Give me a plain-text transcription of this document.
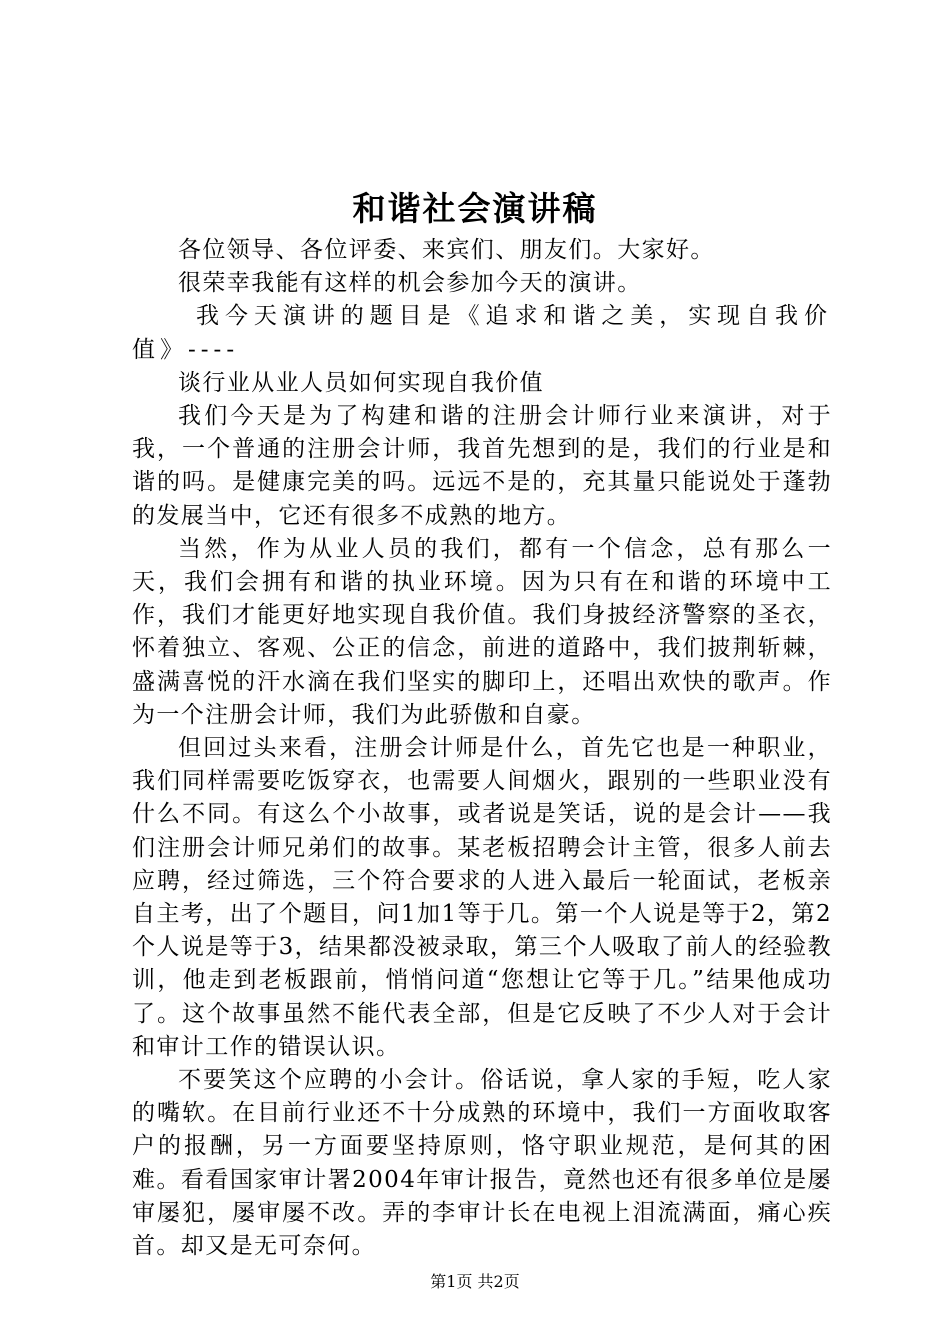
和谐社会演讲稿

各位领导、各位评委、来宾们、朋友们。大家好。

很荣幸我能有这样的机会参加今天的演讲。

我今天演讲的题目是《追求和谐之美，实现自我价值》----

谈行业从业人员如何实现自我价值

我们今天是为了构建和谐的注册会计师行业来演讲，对于我，一个普通的注册会计师，我首先想到的是，我们的行业是和谐的吗。是健康完美的吗。远远不是的，充其量只能说处于蓬勃的发展当中，它还有很多不成熟的地方。

当然，作为从业人员的我们，都有一个信念，总有那么一天，我们会拥有和谐的执业环境。因为只有在和谐的环境中工作，我们才能更好地实现自我价值。我们身披经济警察的圣衣，怀着独立、客观、公正的信念，前进的道路中，我们披荆斩棘，盛满喜悦的汗水滴在我们坚实的脚印上，还唱出欢快的歌声。作为一个注册会计师，我们为此骄傲和自豪。

但回过头来看，注册会计师是什么，首先它也是一种职业，我们同样需要吃饭穿衣，也需要人间烟火，跟别的一些职业没有什么不同。有这么个小故事，或者说是笑话，说的是会计——我们注册会计师兄弟们的故事。某老板招聘会计主管，很多人前去应聘，经过筛选，三个符合要求的人进入最后一轮面试，老板亲自主考，出了个题目，问1加1等于几。第一个人说是等于2，第2个人说是等于3，结果都没被录取，第三个人吸取了前人的经验教训，他走到老板跟前，悄悄问道“您想让它等于几。”结果他成功了。这个故事虽然不能代表全部，但是它反映了不少人对于会计和审计工作的错误认识。

不要笑这个应聘的小会计。俗话说，拿人家的手短，吃人家的嘴软。在目前行业还不十分成熟的环境中，我们一方面收取客户的报酬，另一方面要坚持原则，恪守职业规范，是何其的困难。看看国家审计署2004年审计报告，竟然也还有很多单位是屡审屡犯，屡审屡不改。弄的李审计长在电视上泪流满面，痛心疾首。却又是无可奈何。

第1页 共2页
